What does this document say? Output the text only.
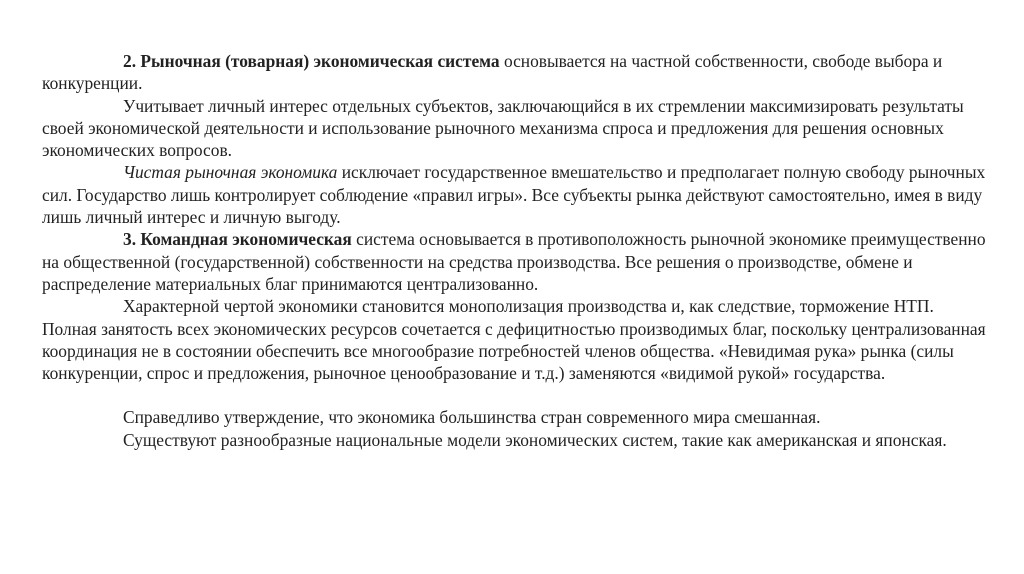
2. Рыночная (товарная) экономическая система основывается на частной собственности, свободе выбора и конкуренции.

Учитывает личный интерес отдельных субъектов, заключающийся в их стремлении максимизировать результаты своей экономической деятельности и использование рыночного механизма спроса и предложения для решения основных экономических вопросов.

Чистая рыночная экономика исключает государственное вмешательство и предполагает полную свободу рыночных сил. Государство лишь контролирует соблюдение «правил игры». Все субъекты рынка действуют самостоятельно, имея в виду лишь личный интерес и личную выгоду.

3. Командная экономическая система основывается в противоположность рыночной экономике преимущественно на общественной (государственной) собственности на средства производства. Все решения о производстве, обмене и распределение материальных благ принимаются централизованно.

Характерной чертой экономики становится монополизация производства и, как следствие, торможение НТП. Полная занятость всех экономических ресурсов сочетается с дефицитностью производимых благ, поскольку централизованная координация не в состоянии обеспечить все многообразие потребностей членов общества. «Невидимая рука» рынка (силы конкуренции, спрос и предложения, рыночное ценообразование и т.д.) заменяются «видимой рукой» государства.

Справедливо утверждение, что экономика большинства стран современного мира смешанная.

Существуют разнообразные национальные модели экономических систем, такие как американская и японская.
